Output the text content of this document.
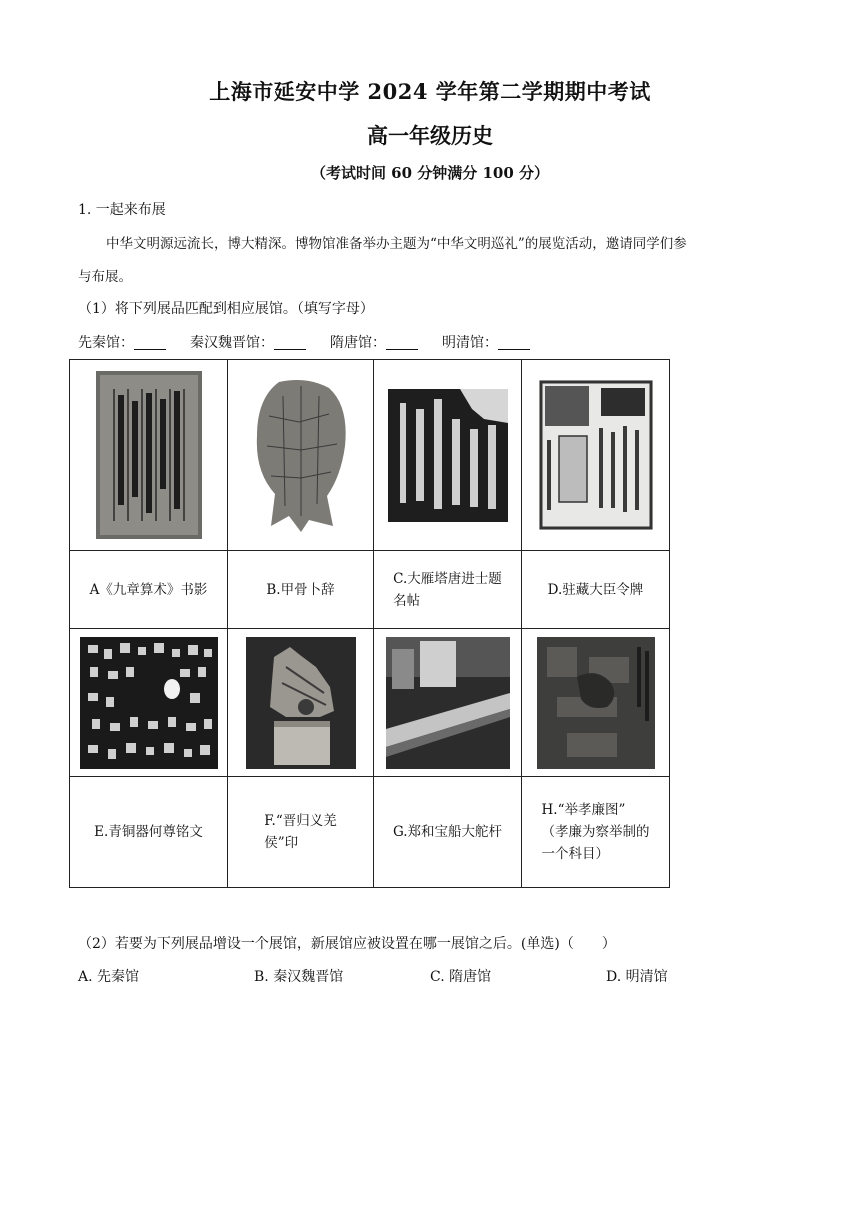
上海市延安中学 2024 学年第二学期期中考试
高一年级历史
（考试时间 60 分钟满分 100 分）
1. 一起来布展
中华文明源远流长，博大精深。博物馆准备举办主题为“中华文明巡礼”的展览活动，邀请同学们参
与布展。
（1）将下列展品匹配到相应展馆。（填写字母）
先秦馆：	秦汉魏晋馆：	隋唐馆：	明清馆：

A《九章算术》书影	B.甲骨卜辞	C.大雁塔唐进士题
名帖	D.驻藏大臣令牌

E.青铜器何尊铭文	F.“晋归义羌
侯”印	G.郑和宝船大舵杆	H.“举孝廉图”
（孝廉为察举制的
一个科目）
（2）若要为下列展品增设一个展馆，新展馆应被设置在哪一展馆之后。(单选)（　　）
A. 先秦馆	B. 秦汉魏晋馆	C. 隋唐馆	D. 明清馆
